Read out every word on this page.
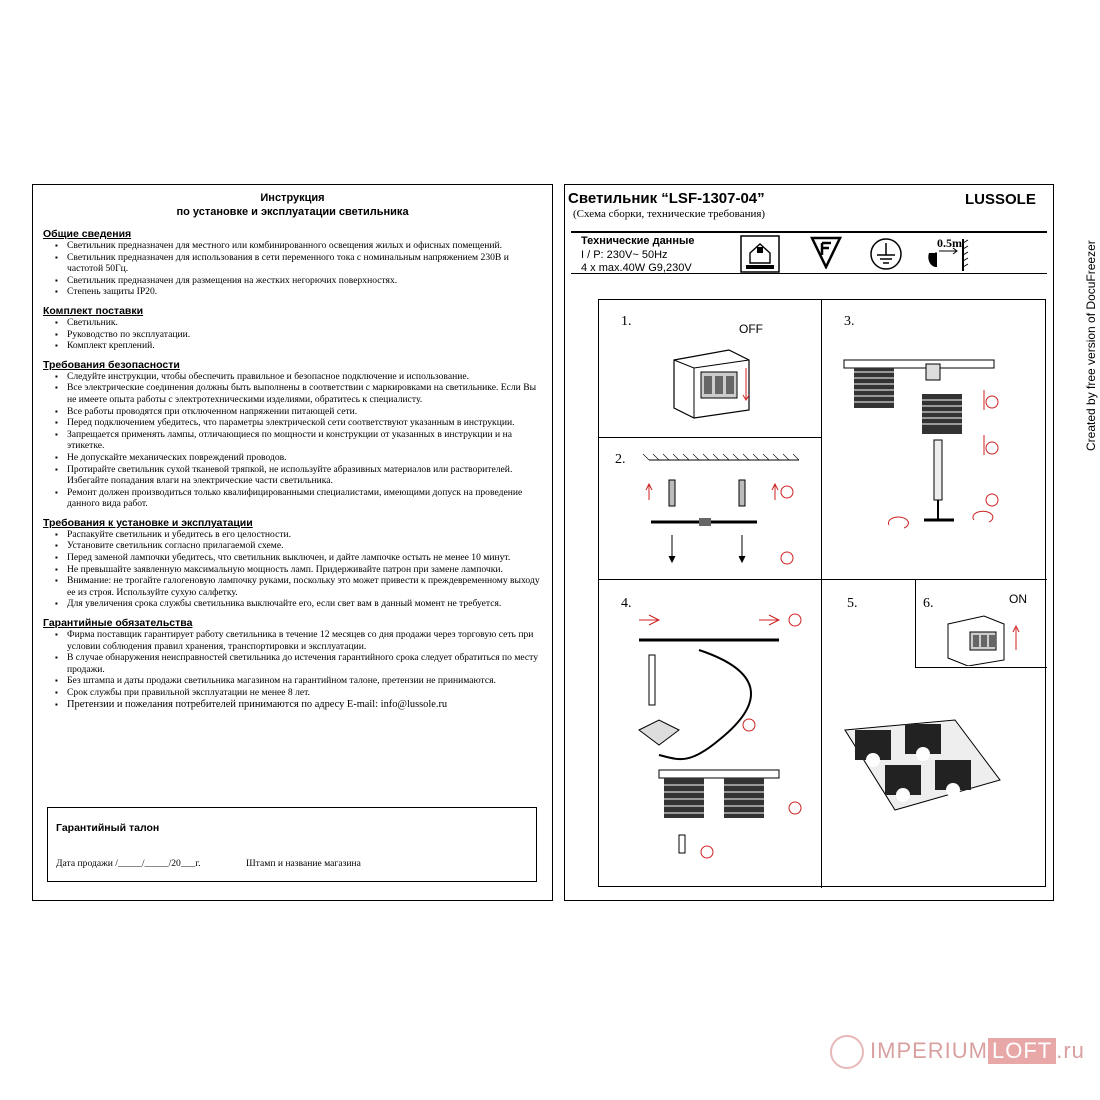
Инструкция
по установке и эксплуатации светильника
Общие сведения
▪ Светильник предназначен для местного или комбинированного освещения жилых и офисных помещений.
▪ Светильник предназначен для использования в сети переменного тока с номинальным напряжением 230В и частотой 50Гц.
▪ Светильник предназначен для размещения на жестких негорючих поверхностях.
▪ Степень защиты IP20.
Комплект поставки
▪ Светильник.
▪ Руководство по эксплуатации.
▪ Комплект креплений.
Требования безопасности
▪ Следуйте инструкции, чтобы обеспечить правильное и безопасное подключение и использование.
▪ Все электрические соединения должны быть выполнены в соответствии с маркировками на светильнике. Если Вы не имеете опыта работы с электротехническими изделиями, обратитесь к специалисту.
▪ Все работы проводятся при отключенном напряжении питающей сети.
▪ Перед подключением убедитесь, что параметры электрической сети соответствуют указанным в инструкции.
▪ Запрещается применять лампы, отличающиеся по мощности и конструкции от указанных в инструкции и на этикетке.
▪ Не допускайте механических повреждений проводов.
▪ Протирайте светильник сухой тканевой тряпкой, не используйте абразивных материалов или растворителей. Избегайте попадания влаги на электрические части светильника.
▪ Ремонт должен производиться только квалифицированными специалистами, имеющими допуск на проведение данного вида работ.
Требования к установке и эксплуатации
▪ Распакуйте светильник и убедитесь в его целостности.
▪ Установите светильник согласно прилагаемой схеме.
▪ Перед заменой лампочки убедитесь, что светильник выключен, и дайте лампочке остыть не менее 10 минут.
▪ Не превышайте заявленную максимальную мощность ламп. Придерживайте патрон при замене лампочки.
▪ Внимание: не трогайте галогеновую лампочку руками, поскольку это может привести к преждевременному выходу ее из строя. Используйте сухую салфетку.
▪ Для увеличения срока службы светильника выключайте его, если свет вам в данный момент не требуется.
Гарантийные обязательства
▪ Фирма поставщик гарантирует работу светильника в течение 12 месяцев со дня продажи через торговую сеть при условии соблюдения правил хранения, транспортировки и эксплуатации.
▪ В случае обнаружения неисправностей светильника до истечения гарантийного срока следует обратиться по месту продажи.
▪ Без штампа и даты продажи светильника магазином на гарантийном талоне, претензии не принимаются.
▪ Срок службы при правильной эксплуатации не менее 8 лет.
▪ Претензии и пожелания потребителей принимаются по адресу E-mail: info@lussole.ru
Гарантийный талон
Дата продажи /_____/_____/20___г.	Штамп и название магазина
Светильник “LSF-1307-04”	LUSSOLE
(Схема сборки, технические требования)
Технические данные
I / P: 230V~ 50Hz
4 x max.40W G9,230V
0.5m
1.	OFF	3.
2.
4.	5.	6.	ON
Created by free version of DocuFreezer
IMPERIUM LOFT .ru
